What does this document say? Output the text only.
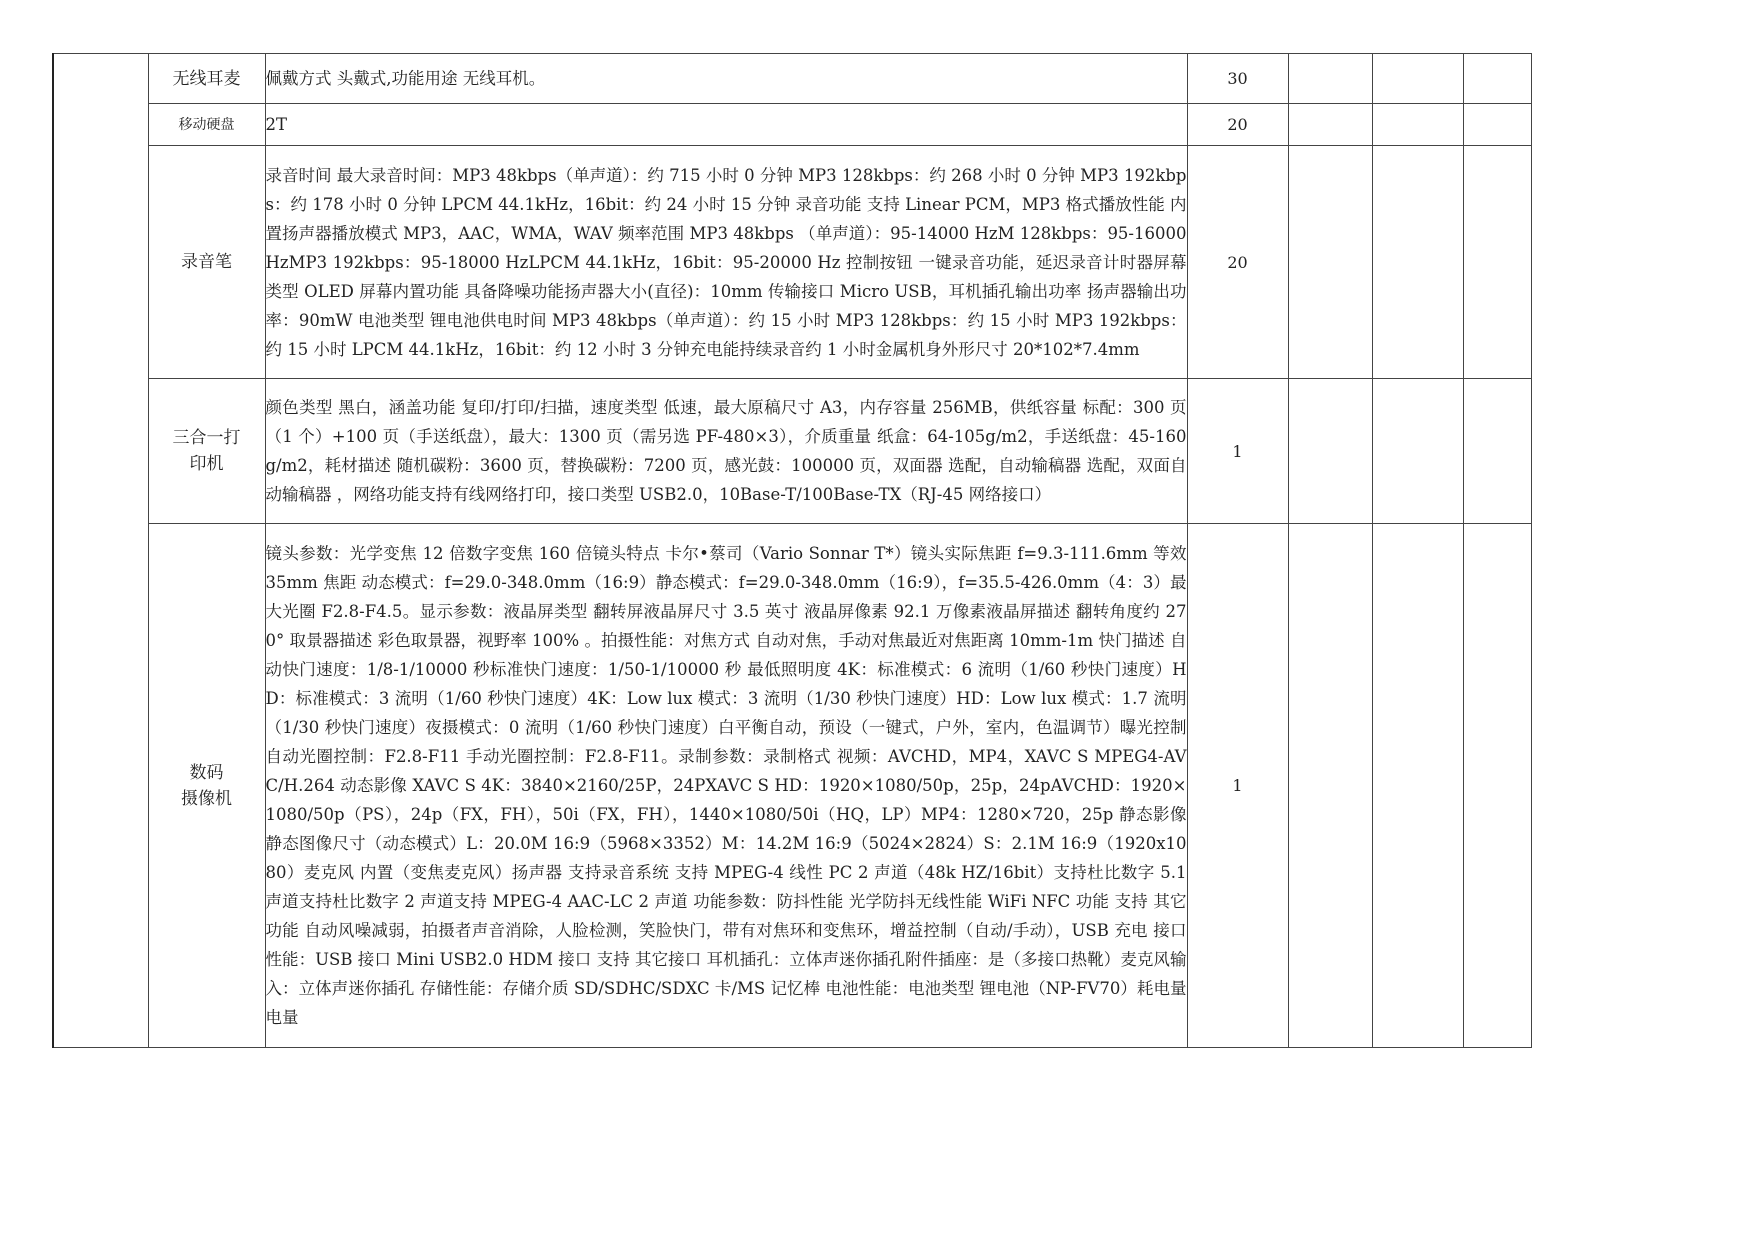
	无线耳麦	佩戴方式 头戴式,功能用途 无线耳机。	30			
	移动硬盘	2T	20			
	录音笔	录音时间 最大录音时间：MP3 48kbps（单声道）：约 715 小时 0 分钟 MP3 128kbps：约 268 小时 0 分钟 MP3 192kbps：约 178 小时 0 分钟 LPCM 44.1kHz，16bit：约 24 小时 15 分钟 录音功能 支持 Linear PCM，MP3 格式播放性能 内置扬声器播放模式 MP3，AAC，WMA，WAV 频率范围 MP3 48kbps （单声道）：95-14000 HzM 128kbps：95-16000 HzMP3 192kbps：95-18000 HzLPCM 44.1kHz，16bit：95-20000 Hz 控制按钮 一键录音功能，延迟录音计时器屏幕类型 OLED 屏幕内置功能 具备降噪功能扬声器大小(直径)：10mm 传输接口 Micro USB，耳机插孔输出功率 扬声器输出功率：90mW 电池类型 锂电池供电时间 MP3 48kbps（单声道）：约 15 小时 MP3 128kbps：约 15 小时 MP3 192kbps：约 15 小时 LPCM 44.1kHz，16bit：约 12 小时 3 分钟充电能持续录音约 1 小时金属机身外形尺寸 20*102*7.4mm	20			
	三合一打印机	颜色类型 黑白，涵盖功能 复印/打印/扫描，速度类型 低速，最大原稿尺寸 A3，内存容量 256MB，供纸容量 标配：300 页（1 个）+100 页（手送纸盘），最大：1300 页（需另选 PF-480×3），介质重量 纸盒：64-105g/m2，手送纸盘：45-160g/m2，耗材描述 随机碳粉：3600 页，替换碳粉：7200 页，感光鼓：100000 页，双面器 选配，自动输稿器 选配，双面自动输稿器 ，网络功能支持有线网络打印，接口类型 USB2.0，10Base-T/100Base-TX（RJ-45 网络接口）	1			
	数码
摄像机	镜头参数：光学变焦 12 倍数字变焦 160 倍镜头特点 卡尔•蔡司（Vario Sonnar T*）镜头实际焦距 f=9.3-111.6mm 等效 35mm 焦距 动态模式：f=29.0-348.0mm（16:9）静态模式：f=29.0-348.0mm（16:9），f=35.5-426.0mm（4：3）最大光圈 F2.8-F4.5。显示参数：液晶屏类型 翻转屏液晶屏尺寸 3.5 英寸 液晶屏像素 92.1 万像素液晶屏描述 翻转角度约 270° 取景器描述 彩色取景器，视野率 100% 。拍摄性能：对焦方式 自动对焦，手动对焦最近对焦距离 10mm-1m 快门描述 自动快门速度：1/8-1/10000 秒标准快门速度：1/50-1/10000 秒 最低照明度 4K：标准模式：6 流明（1/60 秒快门速度）HD：标准模式：3 流明（1/60 秒快门速度）4K：Low lux 模式：3 流明（1/30 秒快门速度）HD：Low lux 模式：1.7 流明（1/30 秒快门速度）夜摄模式：0 流明（1/60 秒快门速度）白平衡自动，预设（一键式，户外，室内，色温调节）曝光控制 自动光圈控制：F2.8-F11 手动光圈控制：F2.8-F11。录制参数：录制格式 视频：AVCHD，MP4，XAVC S MPEG4-AVC/H.264 动态影像 XAVC S 4K：3840×2160/25P，24PXAVC S HD：1920×1080/50p，25p，24pAVCHD：1920×1080/50p（PS），24p（FX，FH），50i（FX，FH），1440×1080/50i（HQ，LP）MP4：1280×720，25p 静态影像 静态图像尺寸（动态模式）L：20.0M 16:9（5968×3352）M：14.2M 16:9（5024×2824）S：2.1M 16:9（1920x1080）麦克风 内置（变焦麦克风）扬声器 支持录音系统 支持 MPEG-4 线性 PC 2 声道（48k HZ/16bit）支持杜比数字 5.1 声道支持杜比数字 2 声道支持 MPEG-4 AAC-LC 2 声道 功能参数：防抖性能 光学防抖无线性能 WiFi NFC 功能 支持 其它功能 自动风噪减弱，拍摄者声音消除，人脸检测，笑脸快门，带有对焦环和变焦环，增益控制（自动/手动），USB 充电 接口性能：USB 接口 Mini USB2.0 HDM 接口 支持 其它接口 耳机插孔：立体声迷你插孔附件插座：是（多接口热靴）麦克风输入：立体声迷你插孔 存储性能：存储介质 SD/SDHC/SDXC 卡/MS 记忆棒 电池性能：电池类型 锂电池（NP-FV70）耗电量 电量	1			
